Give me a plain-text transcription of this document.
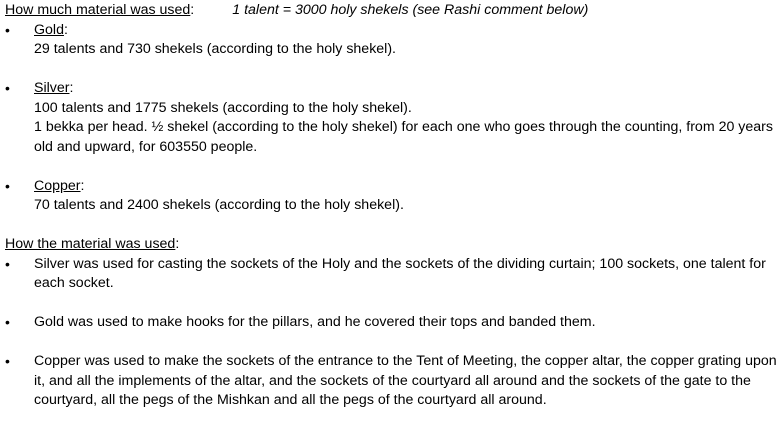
How much material was used:	1 talent = 3000 holy shekels (see Rashi comment below)
•	Gold:
29 talents and 730 shekels (according to the holy shekel).
•	Silver:
100 talents and 1775 shekels (according to the holy shekel).
1 bekka per head. ½ shekel (according to the holy shekel) for each one who goes through the counting, from 20 years old and upward, for 603550 people.
•	Copper:
70 talents and 2400 shekels (according to the holy shekel).
How the material was used:
•	Silver was used for casting the sockets of the Holy and the sockets of the dividing curtain; 100 sockets, one talent for each socket.
•	Gold was used to make hooks for the pillars, and he covered their tops and banded them.
•	Copper was used to make the sockets of the entrance to the Tent of Meeting, the copper altar, the copper grating upon it, and all the implements of the altar, and the sockets of the courtyard all around and the sockets of the gate to the courtyard, all the pegs of the Mishkan and all the pegs of the courtyard all around.
